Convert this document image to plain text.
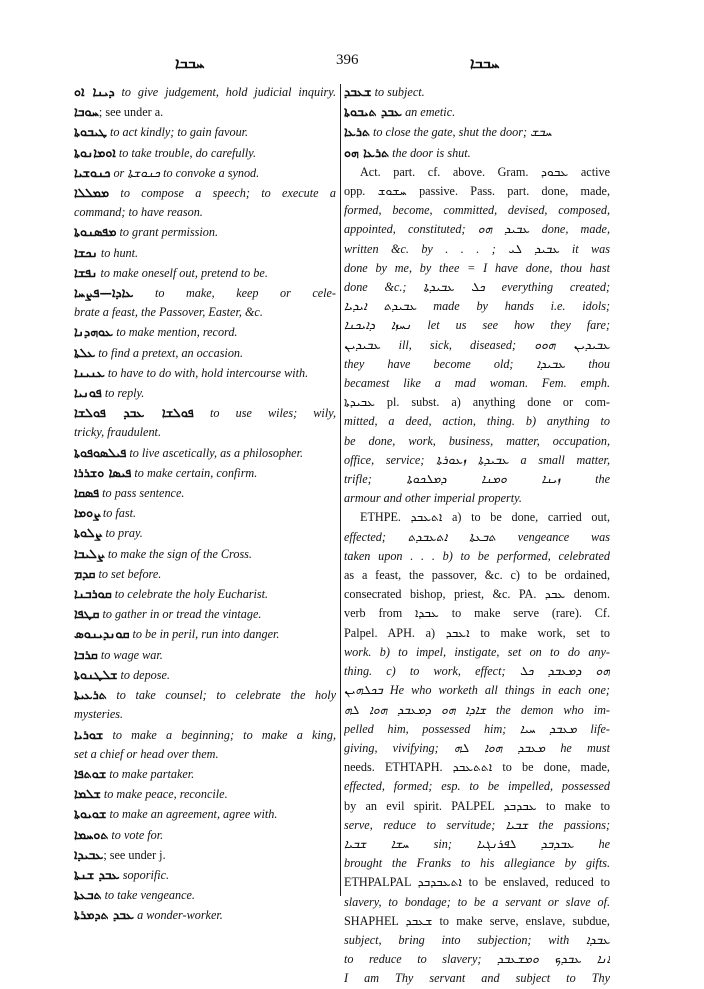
ܚܒܒܐ	396	ܚܒܒܐ
ܕܝܢܐ ܐܘ to give judgement, hold judicial inquiry.
ܚܘܒܐ; see under a.
ܛܝܒܘܬܐ to act kindly; to gain favour.
ܐܘܡܐܢܘܬܐ to take trouble, do carefully.
ܟܢܘܫܝܐ or ܟܢܘܫܬܐ to convoke a synod.
ܡܡܠܠܐ to compose a speech; to execute a
command; to have reason.
ܡܦܣܢܘܬܐ to grant permission.
ܢܟܫܐ to hunt.
ܢܦܫܐ to make oneself out, pretend to be.
ܥܐܕܐ—ܦܨܚܐ to make, keep or cele-
brate a feast, the Passover, Easter, &c.
ܥܘܗܕܢܐ to make mention, record.
ܥܠܬܐ to find a pretext, an occasion.
ܥܢܝܢܐ to have to do with, hold intercourse with.
ܦܘܢܝܐ to reply.
ܦܘܠܫܐ ܥܒܕ ܦܘܠܫܐ to use wiles; wily,
tricky, fraudulent.
ܦܝܠܣܘܦܘܬܐ to live ascetically, as a philosopher.
ܦܝܣܐ ܘܫܪܪܐ to make certain, confirm.
ܦܣܩܐ to pass sentence.
ܨܘܡܐ to fast.
ܨܠܘܬܐ to pray.
ܨܠܝܒܐ to make the sign of the Cross.
ܩܕܡ to set before.
ܩܘܪܒܢܐ to celebrate the holy Eucharist.
ܩܛܦܐ to gather in or tread the vintage.
ܩܘܢܕܝܢܘܣ to be in peril, run into danger.
ܩܪܒܐ to wage war.
ܫܠܛܢܘܬܐ to depose.
ܬܪܥܝܬܐ to take counsel; to celebrate the holy
mysteries.
ܫܘܪܝܐ to make a beginning; to make a king,
set a chief or head over them.
ܫܘܬܦܐ to make partaker.
ܫܠܡܐ to make peace, reconcile.
ܫܘܝܘܬܐ to make an agreement, agree with.
ܬܘܚܡܐ to vote for.
ܥܒܝܕܐ; see under j.
ܥܒܕ ܫܢܬܐ soporific.
ܬܒܥܬܐ to take vengeance.
ܥܒܕ ܬܕܡܪܬܐ a wonder-worker.
ܫܥܒܕ to subject.
ܥܒܕ ܬܝܒܘܬܐ an emetic.
ܬܪܥܐ to close the gate, shut the door; ܚܒܫ
ܬܪܥܐ ܗܘ the door is shut.
Act. part. cf. above. Gram. ܥܒܘܕ active
opp. ܚܫܘܫ passive. Pass. part. done, made,
formed, become, committed, devised, composed,
appointed, constituted; ܥܒܝܕ ܗܘ done, made,
written &c. by . . . ; ܥܒܝܕ ܠܝ it was
done by me, by thee = I have done, thou hast
done &c.; ܟܠ ܥܒܝܕܬܐ everything created;
ܥܒܝܕܬ ܐܝܕܝܐ made by hands i.e. idols;
ܢܚܙܐ ܕܐܝܟܢܐ let us see how they fare;
ܥܒܝܕܝܢ ill, sick, diseased; ܥܒܝܕܝܢ ܗܘܘ
they have become old; ܥܒܝܕܐ thou
becamest like a mad woman. Fem. emph.
ܥܒܝܕܬܐ pl. subst. a) anything done or com-
mitted, a deed, action, thing. b) anything to
be done, work, business, matter, occupation,
office, service; ܥܒܝܕܬܐ ܙܥܘܪܬܐ a small matter,
trifle; ܙܝܢܐ ܘܡܢܐ ܕܡܠܟܘܬܐ the
armour and other imperial property.
ETHPE. ܐܬܥܒܕ a) to be done, carried out,
effected; ܬܒܥܬܐ ܐܬܥܒܕܬ vengeance was
taken upon . . . b) to be performed, celebrated
as a feast, the passover, &c. c) to be ordained,
consecrated bishop, priest, &c. PA. ܥܒܕ denom.
verb from ܥܒܕܐ to make serve (rare). Cf.
Palpel. APH. a) ܐܥܒܕ to make work, set to
work. b) to impel, instigate, set on to do any-
thing. c) to work, effect; ܗܘ ܕܡܥܒܕ ܟܠ
ܒܟܠܗܝܢ He who worketh all things in each one;
ܫܐܕܐ ܗܘ ܕܡܥܒܕ ܗܘܐ ܠܗ the demon who im-
pelled him, possessed him; ܡܥܒܕ ܚܝܐ life-
giving, vivifying; ܡܥܒܕ ܗܘܐ ܠܗ he must
needs. ETHTAPH. ܐܬܬܥܒܕ to be done, made,
effected, formed; esp. to be impelled, possessed
by an evil spirit. PALPEL ܥܒܕܒܕ to make to
serve, reduce to servitude; ܫܒܝܐ the passions;
ܚܫܐ ܫܒܝܐ sin; ܥܒܕܒܕ ܠܦܪܢܓܝܐ he
brought the Franks to his allegiance by gifts.
ETHPALPAL ܐܬܥܒܕܒܕ to be enslaved, reduced to
slavery, to bondage; to be a servant or slave of.
SHAPHEL ܫܥܒܕ to make serve, enslave, subdue,
subject, bring into subjection; with ܥܒܕܐ
to reduce to slavery; ܐܢܐ ܥܒܕܟ ܘܡܫܥܒܕ
I am Thy servant and subject to Thy
